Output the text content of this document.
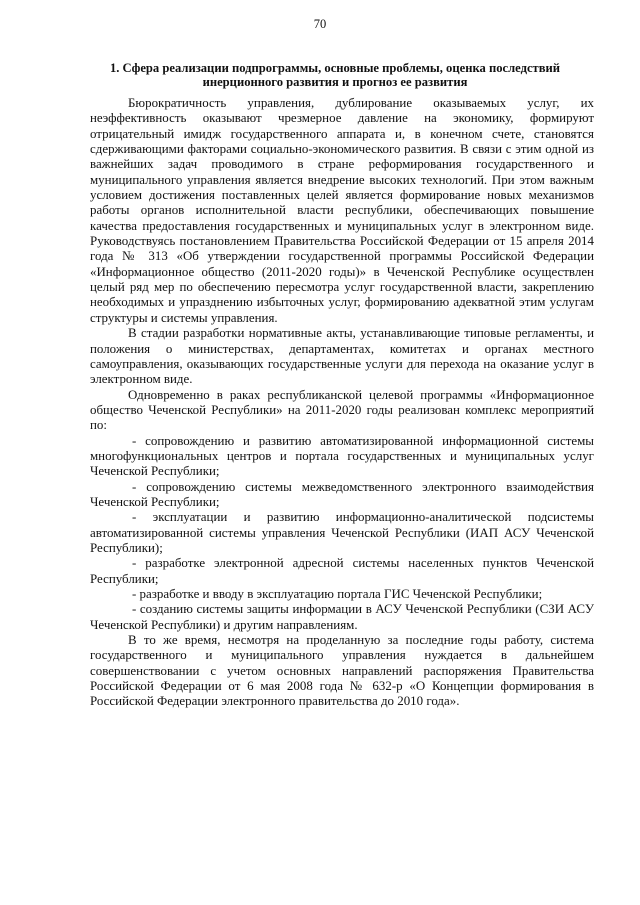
70
1. Сфера реализации подпрограммы, основные проблемы, оценка последствий инерционного развития и прогноз ее развития

Бюрократичность управления, дублирование оказываемых услуг, их неэффективность оказывают чрезмерное давление на экономику, формируют отрицательный имидж государственного аппарата и, в конечном счете, становятся сдерживающими факторами социально-экономического развития. В связи с этим одной из важнейших задач проводимого в стране реформирования государственного и муниципального управления является внедрение высоких технологий. При этом важным условием достижения поставленных целей является формирование новых механизмов работы органов исполнительной власти республики, обеспечивающих повышение качества предоставления государственных и муниципальных услуг в электронном виде. Руководствуясь постановлением Правительства Российской Федерации от 15 апреля 2014 года № 313 «Об утверждении государственной программы Российской Федерации «Информационное общество (2011-2020 годы)» в Чеченской Республике осуществлен целый ряд мер по обеспечению пересмотра услуг государственной власти, закреплению необходимых и упразднению избыточных услуг, формированию адекватной этим услугам структуры и системы управления.

В стадии разработки нормативные акты, устанавливающие типовые регламенты, и положения о министерствах, департаментах, комитетах и органах местного самоуправления, оказывающих государственные услуги для перехода на оказание услуг в электронном виде.

Одновременно в раках республиканской целевой программы «Информационное общество Чеченской Республики» на 2011-2020 годы реализован комплекс мероприятий по:

- сопровождению и развитию автоматизированной информационной системы многофункциональных центров и портала государственных и муниципальных услуг Чеченской Республики;

- сопровождению системы межведомственного электронного взаимодействия Чеченской Республики;

- эксплуатации и развитию информационно-аналитической подсистемы автоматизированной системы управления Чеченской Республики (ИАП АСУ Чеченской Республики);

- разработке электронной адресной системы населенных пунктов Чеченской Республики;

- разработке и вводу в эксплуатацию портала ГИС Чеченской Республики;

- созданию системы защиты информации в АСУ Чеченской Республики (СЗИ АСУ Чеченской Республики) и другим направлениям.

В то же время, несмотря на проделанную за последние годы работу, система государственного и муниципального управления нуждается в дальнейшем совершенствовании с учетом основных направлений распоряжения Правительства Российской Федерации от 6 мая 2008 года № 632-р «О Концепции формирования в Российской Федерации электронного правительства до 2010 года».
